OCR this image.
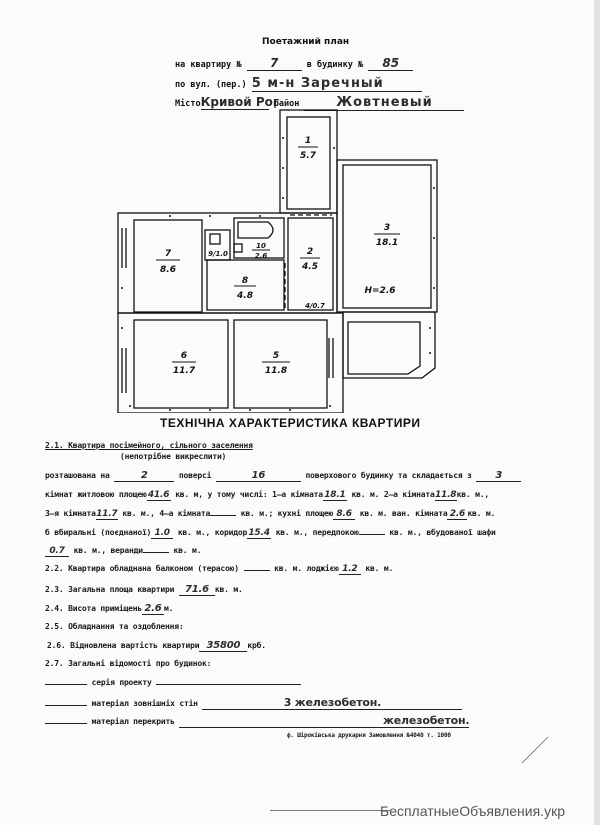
Поетажний план
на квартиру № 7	в будинку № 85
по вул. (пер.) 5 м-н Заречный
МістоКривой Рог район	Жовтневый
1
5.7
3
18.1
H=2.6
7
8.6
8
4.8
2
4.5
10
2.6
9/1.0
4/0.7
6
11.7
5
11.8
ТЕХНІЧНА ХАРАКТЕРИСТИКА КВАРТИРИ
2.1. Квартира посімейного, сільного заселення
(непотрібне викреслити)
розташована на	2	поверсі	16	поверхового будинку та складається з 3
кімнат житловою площею41.6 кв. м, у тому числі: 1—а кімната18.1 кв. м. 2—а кімната11.8кв. м.,
3—я кімната11.7 кв. м., 4—а кімната	кв. м.; кухні площею 8.6 кв. м. ван. кімната 2.6 кв. м.
б вбиральні (поєднаної) 1.0 кв. м., коридор15.4 кв. м., передпокою	кв. м., вбудованої шафи
0.7 кв. м., веранди	кв. м.
2.2. Квартира обладнана балконом (терасою)	кв. м. лоджією 1.2 кв. м.
2.3. Загальна площа квартири 71.6 кв. м.
2.4. Висота приміщень 2.6 м.
2.5. Обладнання та оздоблення:
2.6. Відновлена вартість квартири 35800 крб.
2.7. Загальні відомості про будинок:
серія проекту
матеріал зовнішніх стін	3 железобетон.
матеріал перекрить	железобетон.
ф. Шіроківська друкарня Замовлення №4040 т. 1000
БесплатныеОбъявления.укр
